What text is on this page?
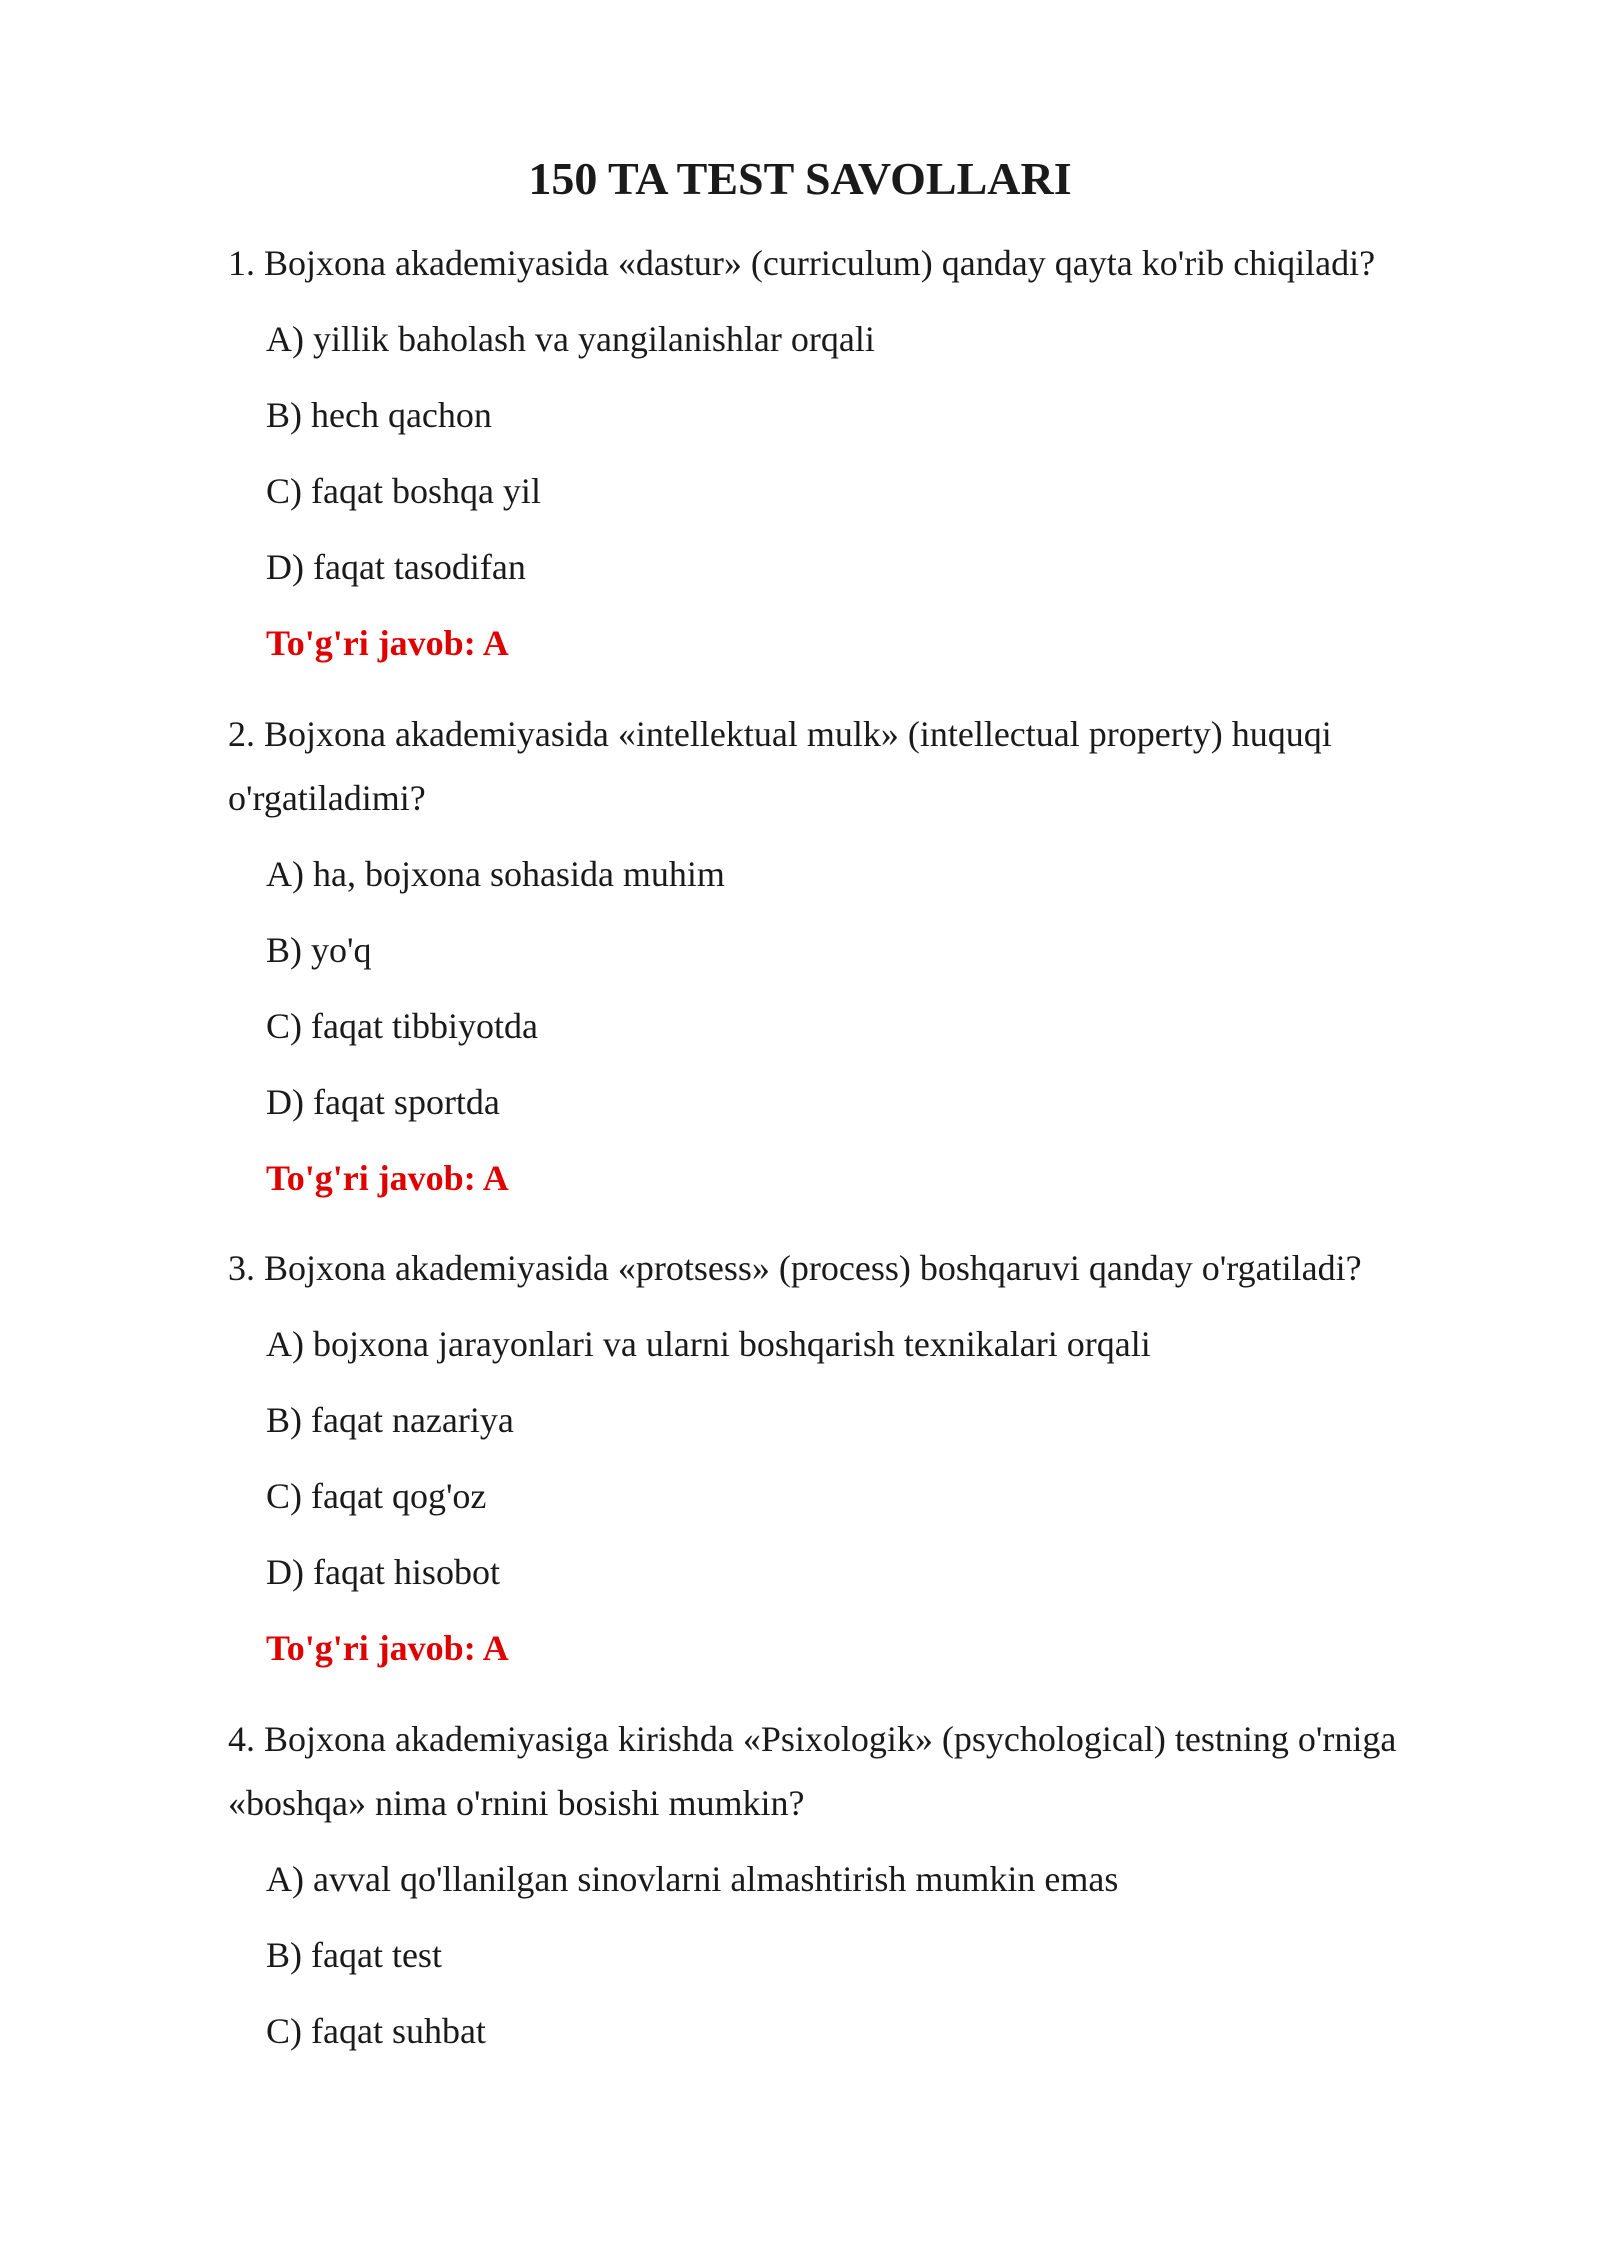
150 TA TEST SAVOLLARI

1. Bojxona akademiyasida «dastur» (curriculum) qanday qayta ko'rib chiqiladi?

A) yillik baholash va yangilanishlar orqali
B) hech qachon
C) faqat boshqa yil
D) faqat tasodifan

To'g'ri javob: A

2. Bojxona akademiyasida «intellektual mulk» (intellectual property) huquqi o'rgatiladimi?

A) ha, bojxona sohasida muhim
B) yo'q
C) faqat tibbiyotda
D) faqat sportda

To'g'ri javob: A

3. Bojxona akademiyasida «protsess» (process) boshqaruvi qanday o'rgatiladi?

A) bojxona jarayonlari va ularni boshqarish texnikalari orqali
B) faqat nazariya
C) faqat qog'oz
D) faqat hisobot

To'g'ri javob: A

4. Bojxona akademiyasiga kirishda «Psixologik» (psychological) testning o'rniga «boshqa» nima o'rnini bosishi mumkin?

A) avval qo'llanilgan sinovlarni almashtirish mumkin emas
B) faqat test
C) faqat suhbat
